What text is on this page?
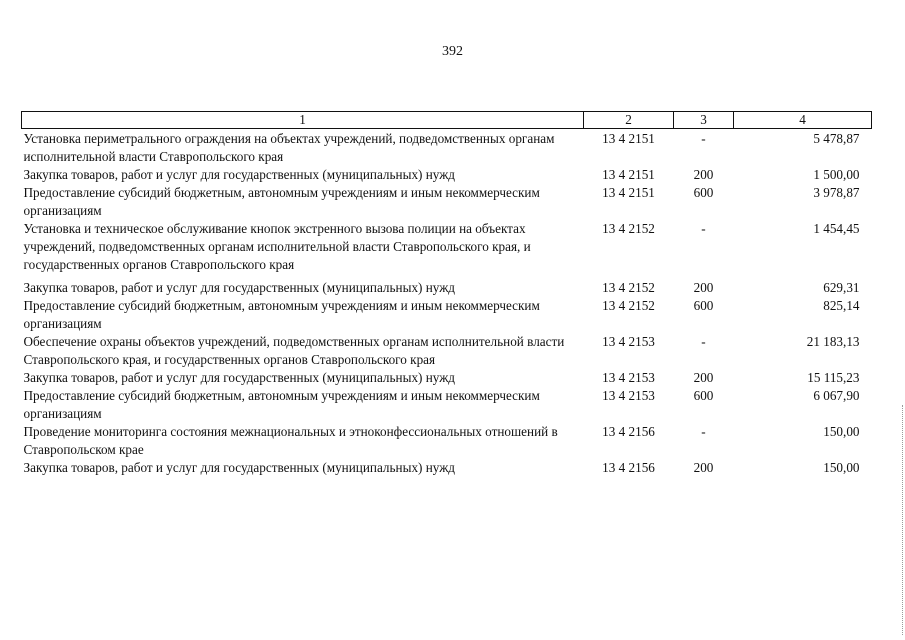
392
1	2	3	4
Установка периметрального ограждения на объектах учреждений, подведомственных органам исполнительной власти Ставропольского края	13 4 2151	-	5 478,87
Закупка товаров, работ и услуг для государственных (муниципальных) нужд	13 4 2151	200	1 500,00
Предоставление субсидий бюджетным, автономным учреждениям и иным некоммерческим организациям	13 4 2151	600	3 978,87
Установка и техническое обслуживание кнопок экстренного вызова полиции на объектах учреждений, подведомственных органам исполнительной власти Ставропольского края, и государственных органов Ставропольского края	13 4 2152	-	1 454,45
Закупка товаров, работ и услуг для государственных (муниципальных) нужд	13 4 2152	200	629,31
Предоставление субсидий бюджетным, автономным учреждениям и иным некоммерческим организациям	13 4 2152	600	825,14
Обеспечение охраны объектов учреждений, подведомственных органам исполнительной власти Ставропольского края, и государственных органов Ставропольского края	13 4 2153	-	21 183,13
Закупка товаров, работ и услуг для государственных (муниципальных) нужд	13 4 2153	200	15 115,23
Предоставление субсидий бюджетным, автономным учреждениям и иным некоммерческим организациям	13 4 2153	600	6 067,90
Проведение мониторинга состояния межнациональных и этноконфессиональных отношений в Ставропольском крае	13 4 2156	-	150,00
Закупка товаров, работ и услуг для государственных (муниципальных) нужд	13 4 2156	200	150,00
